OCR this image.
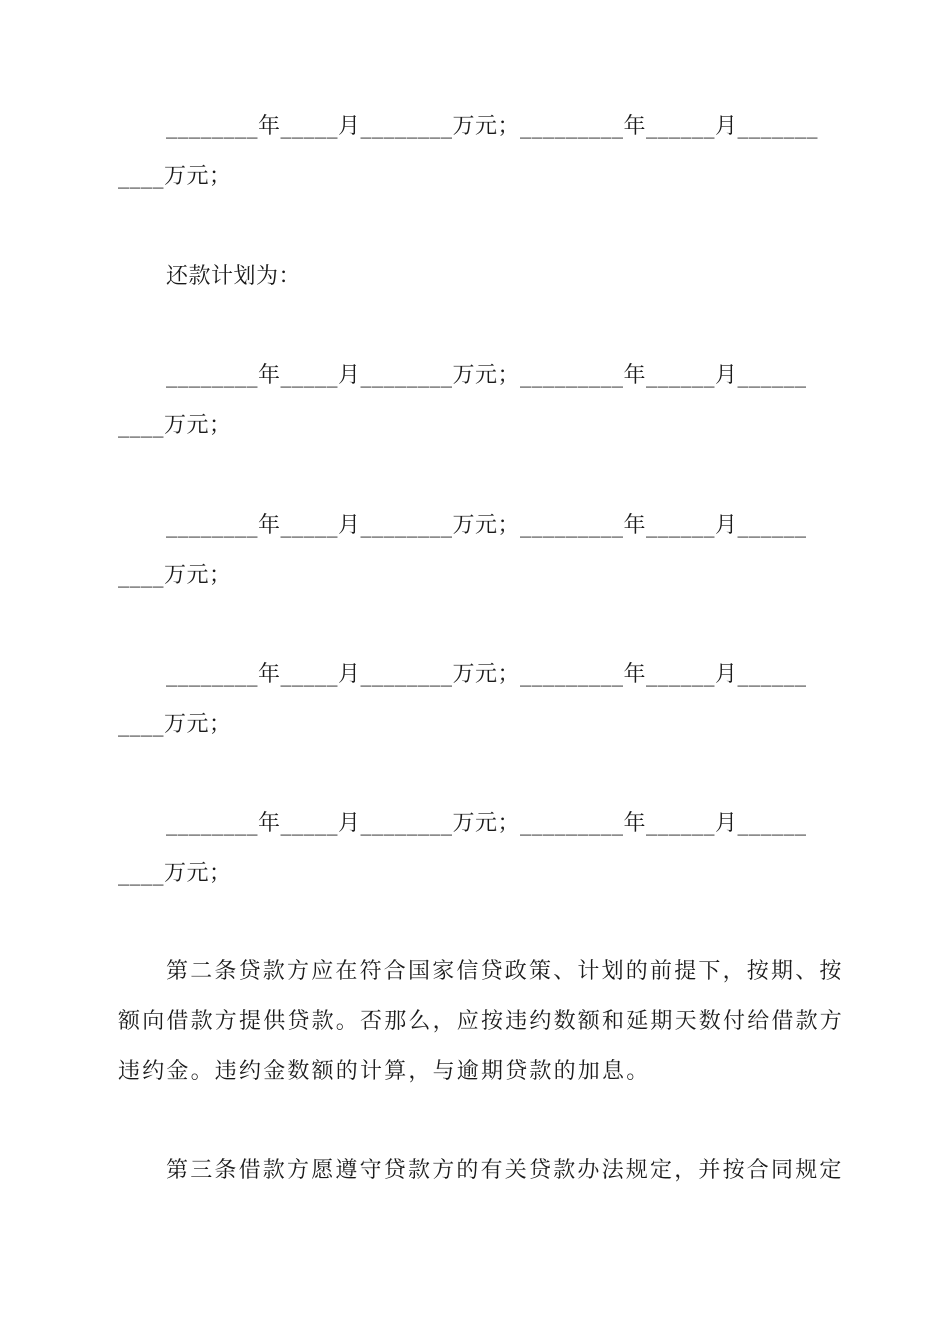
________年_____月________万元；_________年______月_______
____万元；
还款计划为：
________年_____月________万元；_________年______月______
____万元；
________年_____月________万元；_________年______月______
____万元；
________年_____月________万元；_________年______月______
____万元；
________年_____月________万元；_________年______月______
____万元；
第二条贷款方应在符合国家信贷政策、计划的前提下，按期、按
额向借款方提供贷款。否那么，应按违约数额和延期天数付给借款方
违约金。违约金数额的计算，与逾期贷款的加息。
第三条借款方愿遵守贷款方的有关贷款办法规定，并按合同规定
